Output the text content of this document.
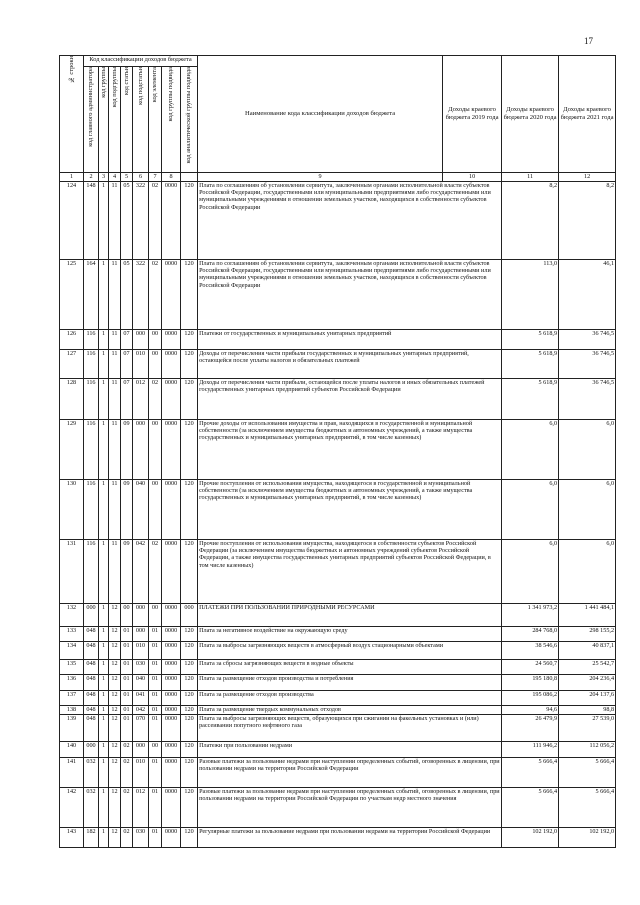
17
№ строки	Код классификации доходов бюджета								Наименование кода классификации доходов бюджета	Доходы краевого бюджета 2019 года	Доходы краевого бюджета 2020 года	Доходы краевого бюджета 2021 года	

	код главного администратора	код группы	код подгруппы	код статьи	код подстатьи	код элемента	код группы подвида	код аналитической группы подвида					

1	2	3	4	5	6	7	8		9	10	11	12	
124	148	1	11	05	322	02	0000	120	Плата по соглашениям об установлении сервитута, заключенным органами исполнительной власти субъектов Российской Федерации, государственными или муниципальными предприятиями либо государственными или муниципальными учреждениями в отношении земельных участков, находящихся в собственности субъектов Российской Федерации		8,2	8,2	
125	164	1	11	05	322	02	0000	120	Плата по соглашениям об установлении сервитута, заключенным органами исполнительной власти субъектов Российской Федерации, государственными или муниципальными предприятиями либо государственными или муниципальными учреждениями в отношении земельных участков, находящихся в собственности субъектов Российской Федерации		113,0	46,1	
126	116	1	11	07	000	00	0000	120	Платежи от государственных и муниципальных унитарных предприятий		5 618,9	36 746,5	
127	116	1	11	07	010	00	0000	120	Доходы от перечисления части прибыли государственных и муниципальных унитарных предприятий, остающейся после уплаты налогов и обязательных платежей		5 618,9	36 746,5	
128	116	1	11	07	012	02	0000	120	Доходы от перечисления части прибыли, остающейся после уплаты налогов и иных обязательных платежей государственных унитарных предприятий субъектов Российской Федерации		5 618,9	36 746,5	
129	116	1	11	09	000	00	0000	120	Прочие доходы от использования имущества и прав, находящихся в государственной и муниципальной собственности (за исключением имущества бюджетных и автономных учреждений, а также имущества государственных и муниципальных унитарных предприятий, в том числе казенных)		6,0	6,0	
130	116	1	11	09	040	00	0000	120	Прочие поступления от использования имущества, находящегося в государственной и муниципальной собственности (за исключением имущества бюджетных и автономных учреждений, а также имущества государственных и муниципальных унитарных предприятий, в том числе казенных)		6,0	6,0	
131	116	1	11	09	042	02	0000	120	Прочие поступления от использования имущества, находящегося в собственности субъектов Российской Федерации (за исключением имущества бюджетных и автономных учреждений субъектов Российской Федерации, а также имущества государственных унитарных предприятий субъектов Российской Федерации, в том числе казенных)		6,0	6,0	
132	000	1	12	00	000	00	0000	000	ПЛАТЕЖИ ПРИ ПОЛЬЗОВАНИИ ПРИРОДНЫМИ РЕСУРСАМИ		1 341 973,2	1 441 484,1	
133	048	1	12	01	000	01	0000	120	Плата за негативное воздействие на окружающую среду		284 768,0	298 155,2	
134	048	1	12	01	010	01	0000	120	Плата за выбросы загрязняющих веществ в атмосферный воздух стационарными объектами		38 546,6	40 837,1	
135	048	1	12	01	030	01	0000	120	Плата за сбросы загрязняющих веществ в водные объекты		24 560,7	25 542,7	
136	048	1	12	01	040	01	0000	120	Плата за размещение отходов производства и потребления		195 180,8	204 236,4	
137	048	1	12	01	041	01	0000	120	Плата за размещение отходов производства		195 086,2	204 137,6	
138	048	1	12	01	042	01	0000	120	Плата за размещение твердых коммунальных отходов		94,6	98,8	
139	048	1	12	01	070	01	0000	120	Плата за выбросы загрязняющих веществ, образующихся при сжигании на факельных установках и (или) рассеивании попутного нефтяного газа		26 479,9	27 539,0	
140	000	1	12	02	000	00	0000	120	Платежи при пользовании недрами		111 946,2	112 056,2	
141	032	1	12	02	010	01	0000	120	Разовые платежи за пользование недрами при наступлении определенных событий, оговоренных в лицензии, при пользовании недрами на территории Российской Федерации		5 666,4	5 666,4	
142	032	1	12	02	012	01	0000	120	Разовые платежи за пользование недрами при наступлении определенных событий, оговоренных в лицензии, при пользовании недрами на территории Российской Федерации по участкам недр местного значения		5 666,4	5 666,4	
143	182	1	12	02	030	01	0000	120	Регулярные платежи за пользование недрами при пользовании недрами на территории Российской Федерации		102 192,0	102 192,0	
